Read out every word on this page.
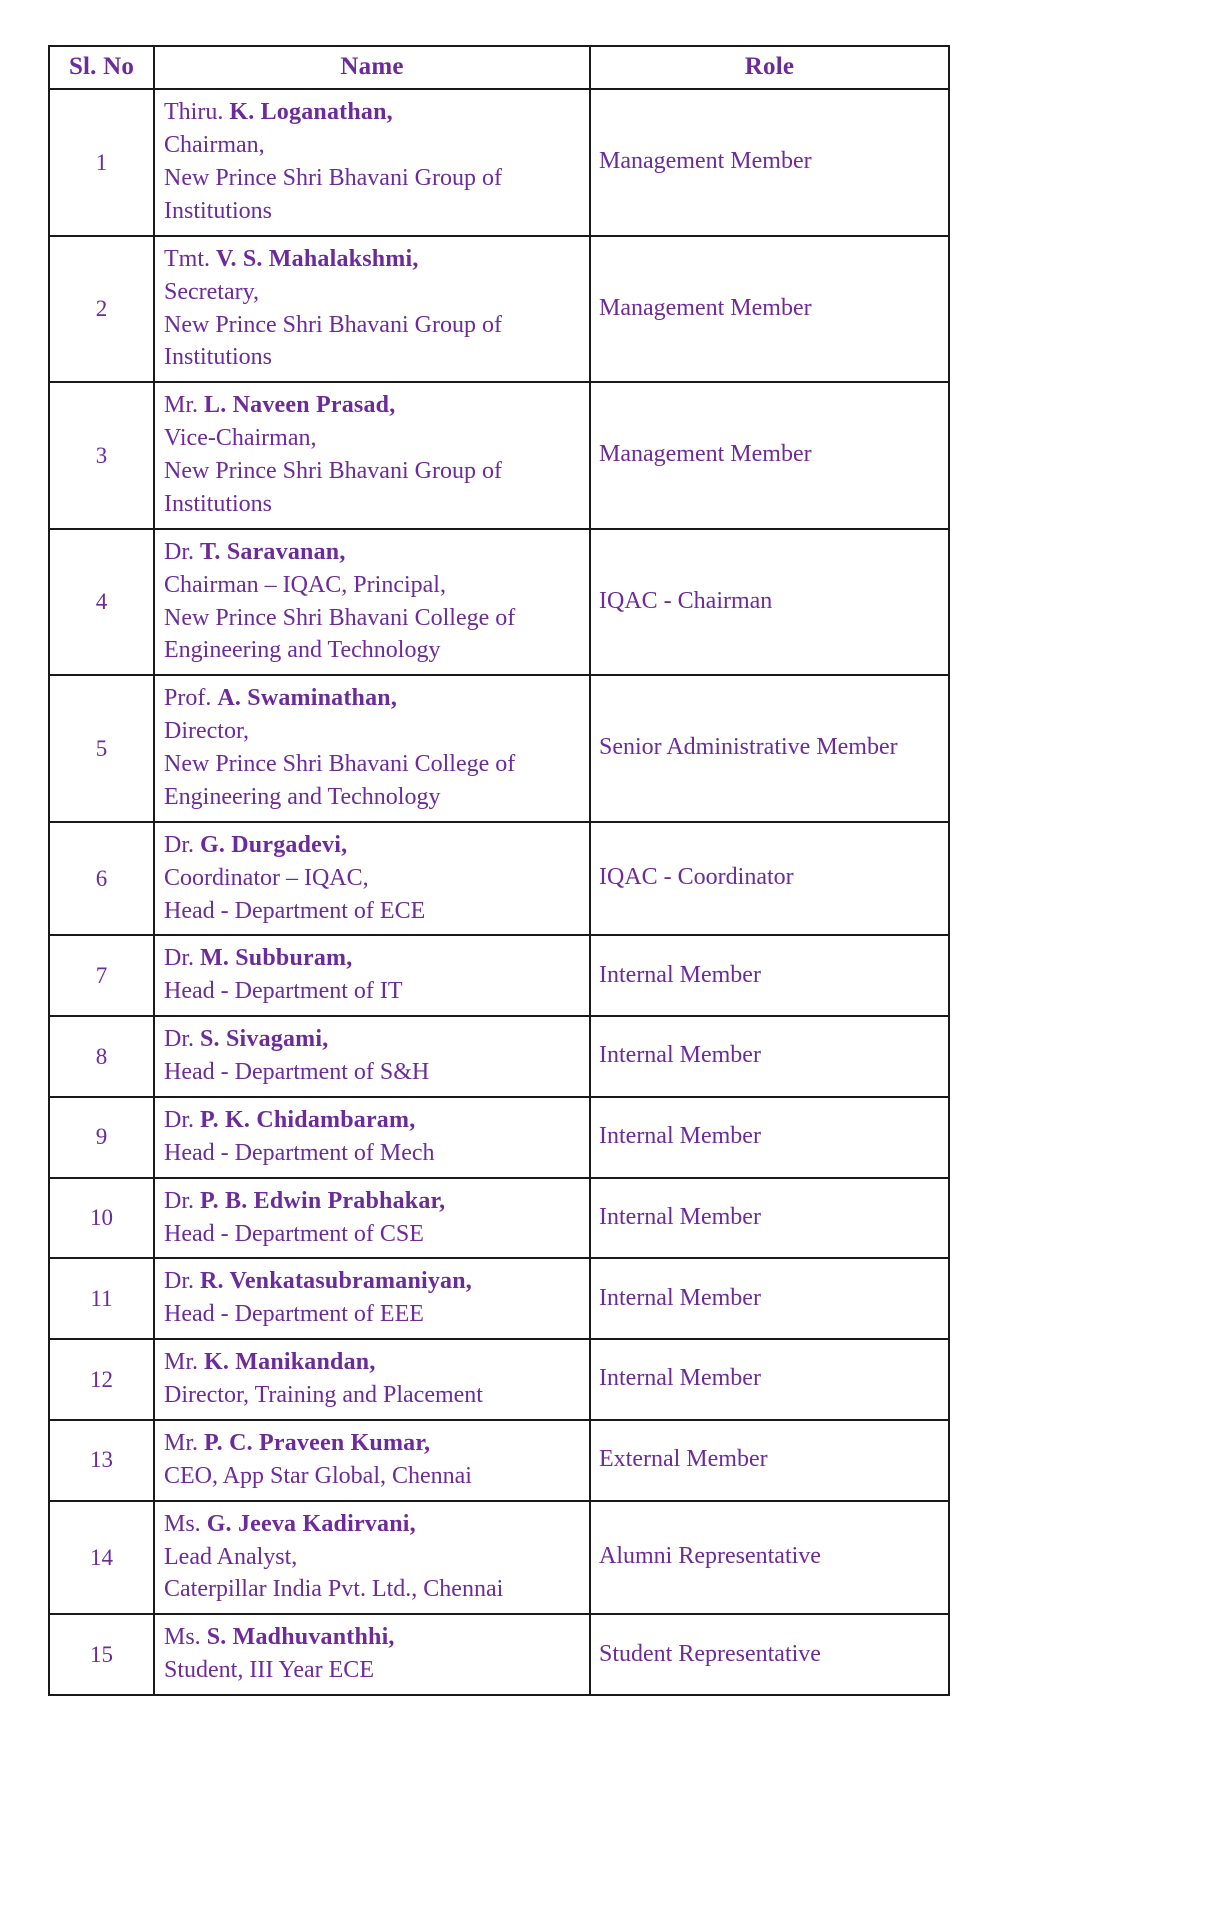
Sl. No	Name	Role
1	Thiru. K. Loganathan,
Chairman,
New Prince Shri Bhavani Group of
Institutions	Management Member
2	Tmt. V. S. Mahalakshmi,
Secretary,
New Prince Shri Bhavani Group of
Institutions	Management Member
3	Mr. L. Naveen Prasad,
Vice-Chairman,
New Prince Shri Bhavani Group of
Institutions	Management Member
4	Dr. T. Saravanan,
Chairman – IQAC, Principal,
New Prince Shri Bhavani College of
Engineering and Technology	IQAC - Chairman
5	Prof. A. Swaminathan,
Director,
New Prince Shri Bhavani College of
Engineering and Technology	Senior Administrative Member
6	Dr. G. Durgadevi,
Coordinator – IQAC,
Head - Department of ECE	IQAC - Coordinator
7	Dr. M. Subburam,
Head - Department of IT	Internal Member
8	Dr. S. Sivagami,
Head - Department of S&H	Internal Member
9	Dr. P. K. Chidambaram,
Head - Department of Mech	Internal Member
10	Dr. P. B. Edwin Prabhakar,
Head - Department of CSE	Internal Member
11	Dr. R. Venkatasubramaniyan,
Head - Department of EEE	Internal Member
12	Mr. K. Manikandan,
Director, Training and Placement	Internal Member
13	Mr. P. C. Praveen Kumar,
CEO, App Star Global, Chennai	External Member
14	Ms. G. Jeeva Kadirvani,
Lead Analyst,
Caterpillar India Pvt. Ltd., Chennai	Alumni Representative
15	Ms. S. Madhuvanthhi,
Student, III Year ECE	Student Representative
